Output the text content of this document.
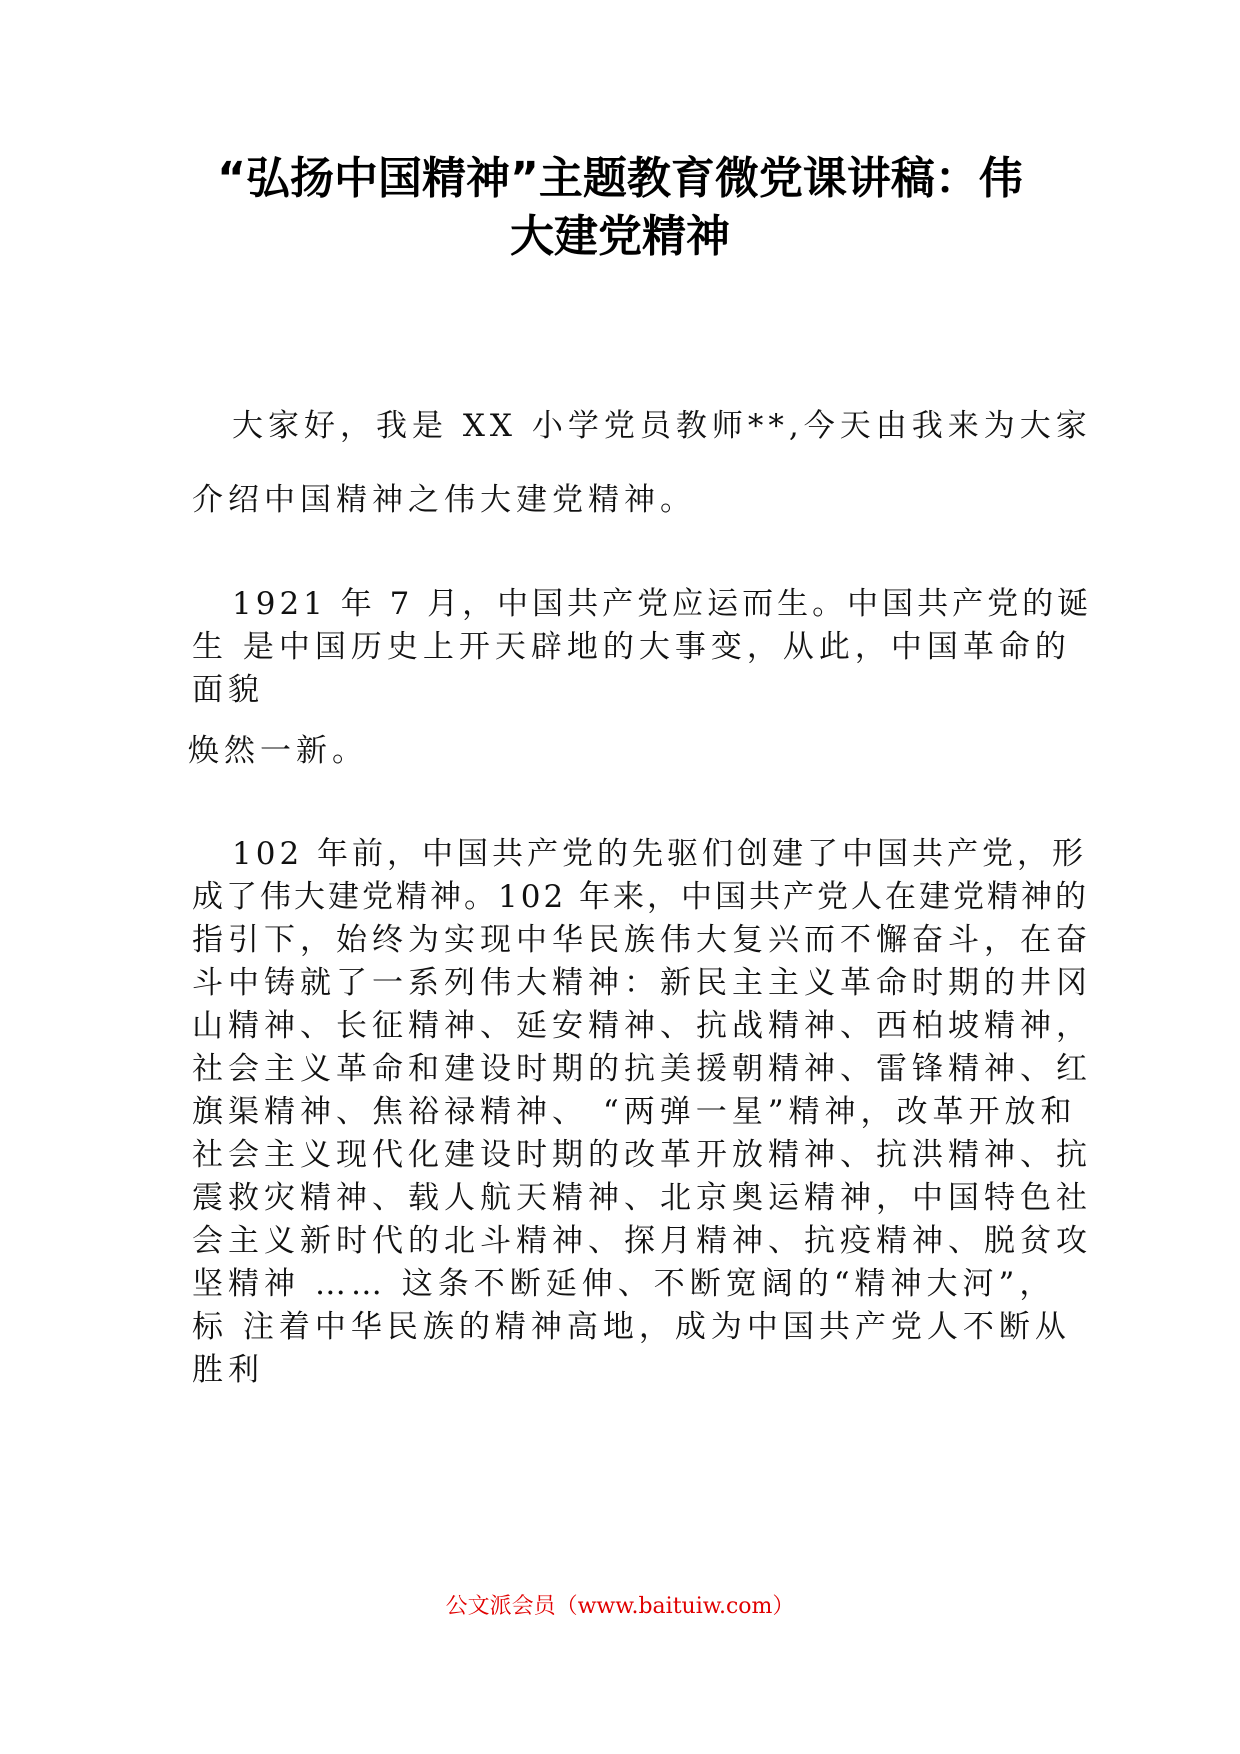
“弘扬中国精神”主题教育微党课讲稿：伟
大建党精神
大家好，我是 XX 小学党员教师**,今天由我来为大家
介绍中国精神之伟大建党精神。
1921 年 7 月，中国共产党应运而生。中国共产党的诞
生 是中国历史上开天辟地的大事变，从此，中国革命的
面貌
焕然一新。
102 年前，中国共产党的先驱们创建了中国共产党，形
成了伟大建党精神。102 年来，中国共产党人在建党精神的
指引下，始终为实现中华民族伟大复兴而不懈奋斗，在奋
斗中铸就了一系列伟大精神：新民主主义革命时期的井冈
山精神、长征精神、延安精神、抗战精神、西柏坡精神，
社会主义革命和建设时期的抗美援朝精神、雷锋精神、红
旗渠精神、焦裕禄精神、 “两弹一星”精神，改革开放和
社会主义现代化建设时期的改革开放精神、抗洪精神、抗
震救灾精神、载人航天精神、北京奥运精神，中国特色社
会主义新时代的北斗精神、探月精神、抗疫精神、脱贫攻
坚精神 …… 这条不断延伸、不断宽阔的“精神大河”，
标 注着中华民族的精神高地，成为中国共产党人不断从
胜利
公文派会员（www.baituiw.com）
